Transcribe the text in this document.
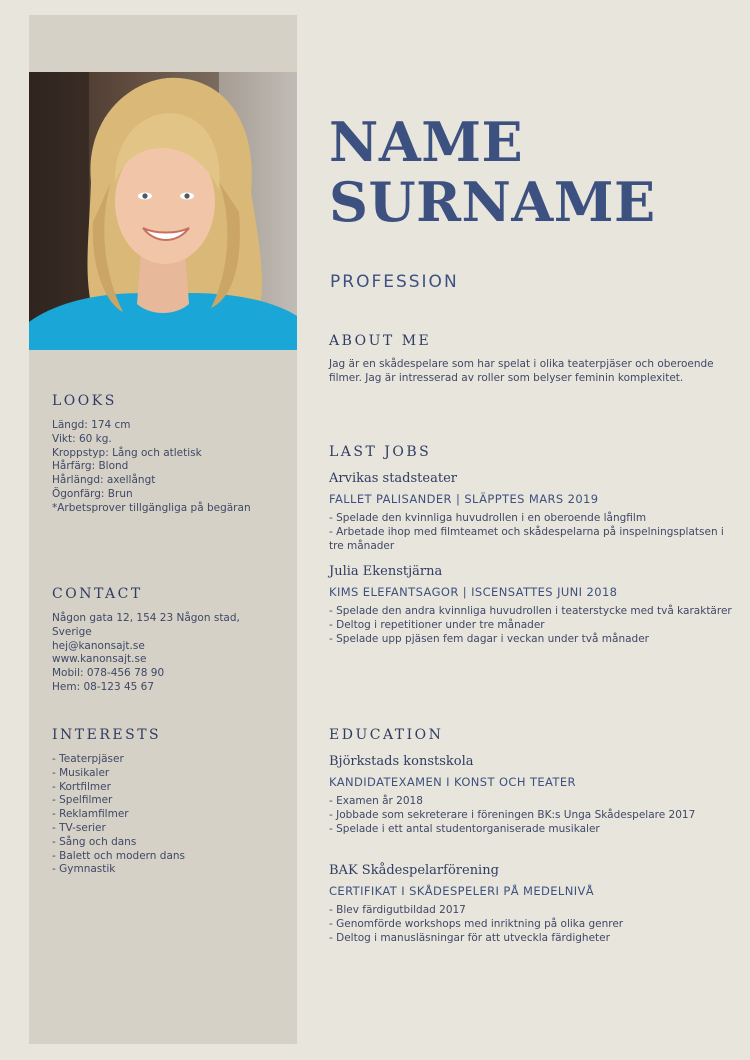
LOOKS
Längd: 174 cm
Vikt: 60 kg.
Kroppstyp: Lång och atletisk
Hårfärg: Blond
Hårlängd: axellångt
Ögonfärg: Brun
*Arbetsprover tillgängliga på begäran
CONTACT
Någon gata 12, 154 23 Någon stad,
Sverige
hej@kanonsajt.se
www.kanonsajt.se
Mobil: 078-456 78 90
Hem: 08-123 45 67
INTERESTS
- Teaterpjäser
- Musikaler
- Kortfilmer
- Spelfilmer
- Reklamfilmer
- TV-serier
- Sång och dans
- Balett och modern dans
- Gymnastik
NAME
SURNAME
PROFESSION
ABOUT ME
Jag är en skådespelare som har spelat i olika teaterpjäser och oberoende filmer. Jag är intresserad av roller som belyser feminin komplexitet.
LAST JOBS
Arvikas stadsteater
FALLET PALISANDER | SLÄPPTES MARS 2019
- Spelade den kvinnliga huvudrollen i en oberoende långfilm
- Arbetade ihop med filmteamet och skådespelarna på inspelningsplatsen i
tre månader
Julia Ekenstjärna
KIMS ELEFANTSAGOR | ISCENSATTES JUNI 2018
- Spelade den andra kvinnliga huvudrollen i teaterstycke med två karaktärer
- Deltog i repetitioner under tre månader
- Spelade upp pjäsen fem dagar i veckan under två månader
EDUCATION
Björkstads konstskola
KANDIDATEXAMEN I KONST OCH TEATER
- Examen år 2018
- Jobbade som sekreterare i föreningen BK:s Unga Skådespelare 2017
- Spelade i ett antal studentorganiserade musikaler
BAK Skådespelarförening
CERTIFIKAT I SKÅDESPELERI PÅ MEDELNIVÅ
- Blev färdigutbildad 2017
- Genomförde workshops med inriktning på olika genrer
- Deltog i manusläsningar för att utveckla färdigheter
